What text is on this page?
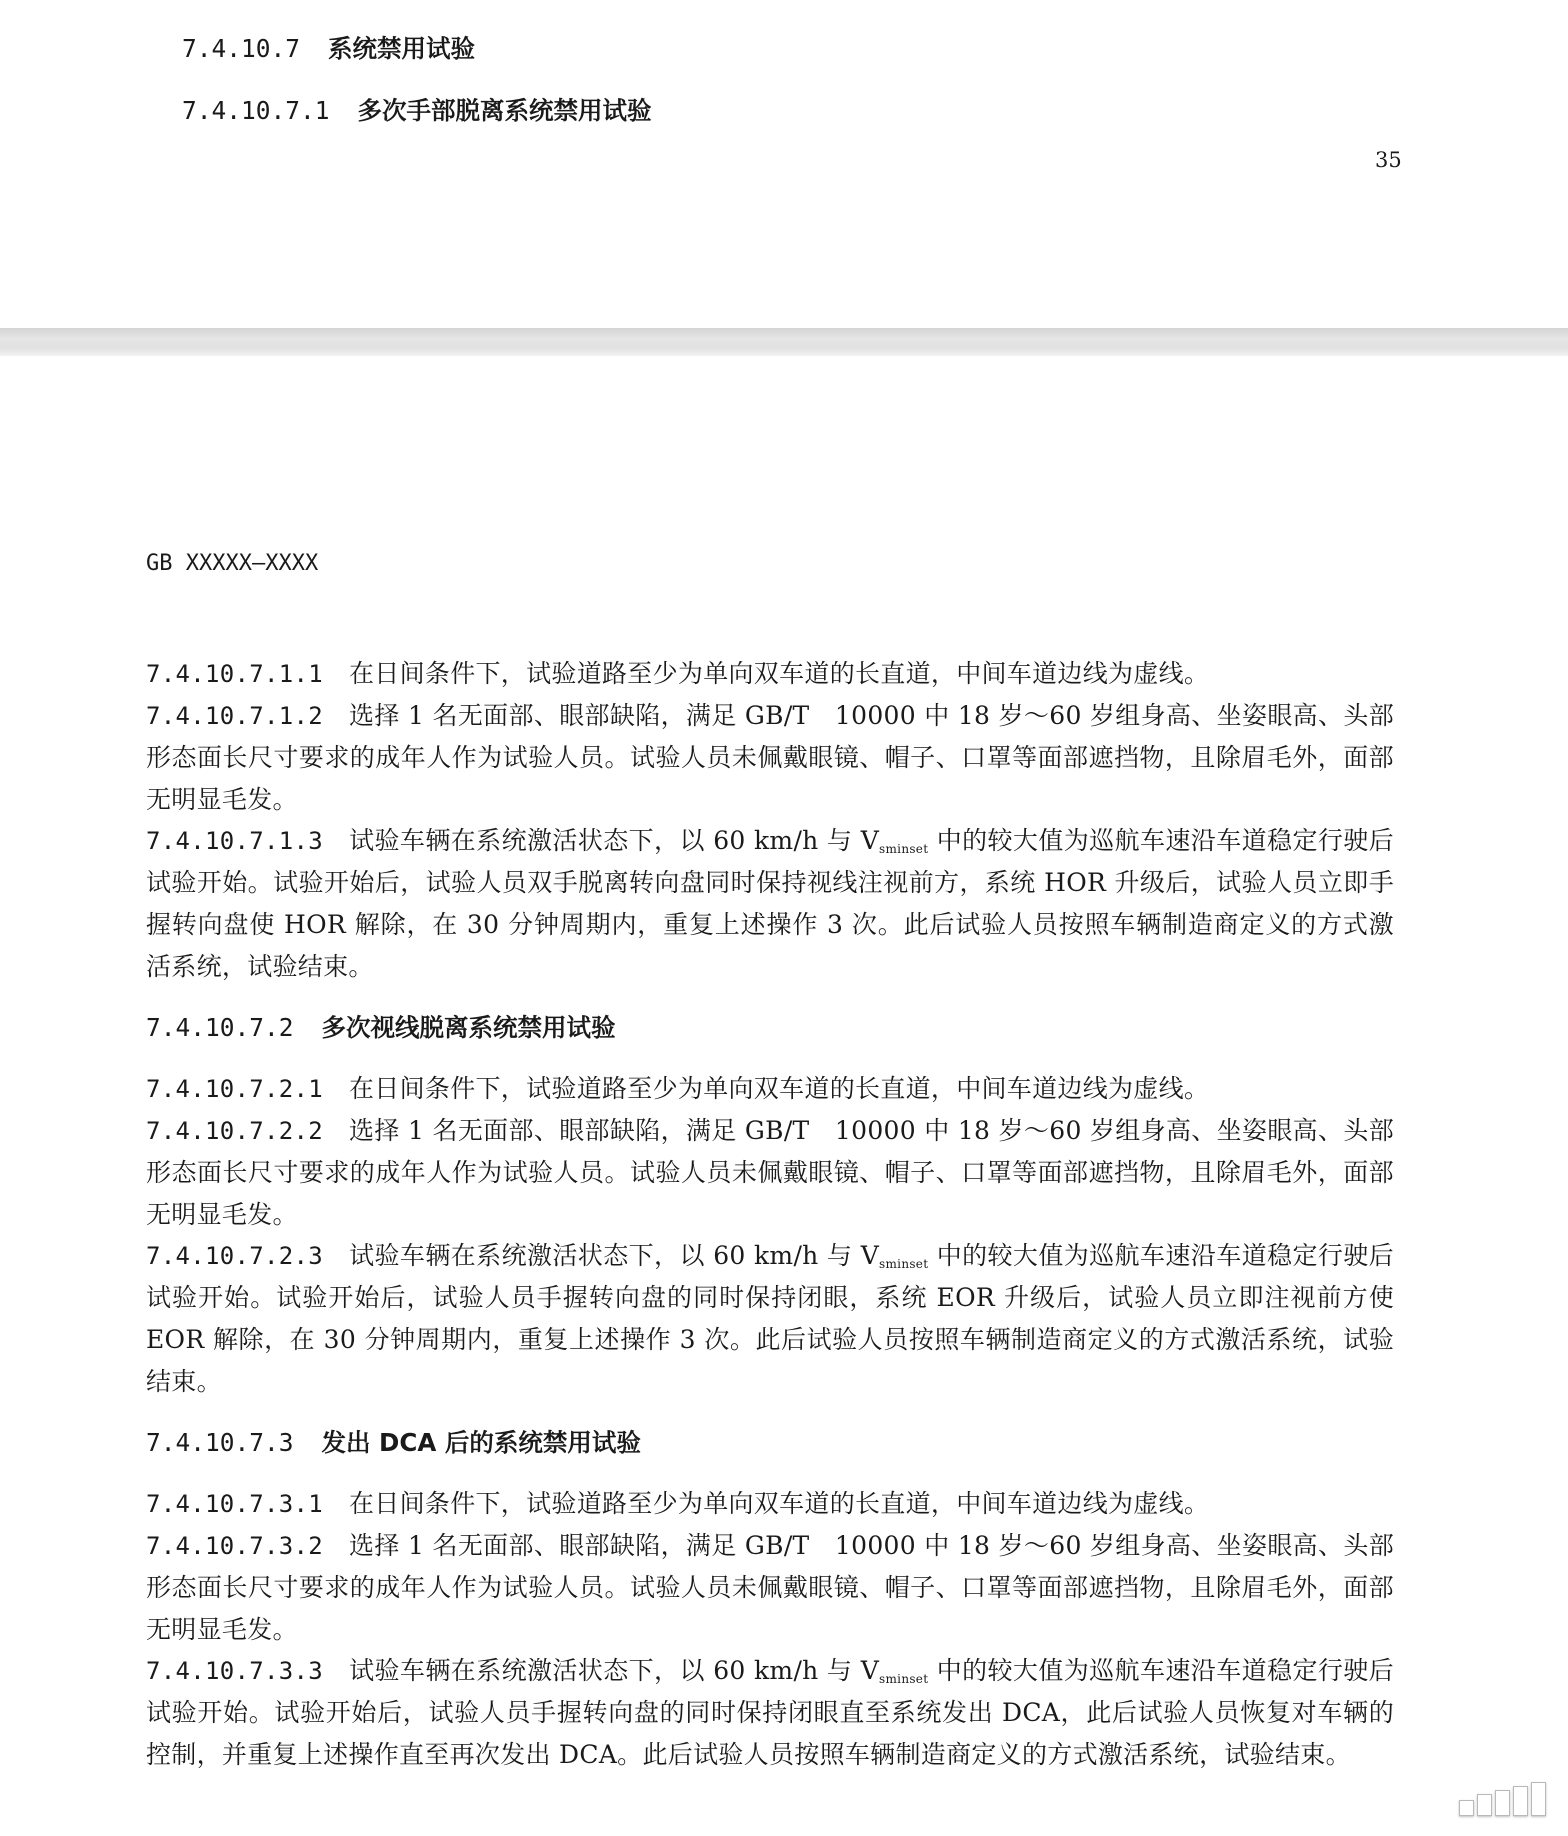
7.4.10.7 系统禁用试验
7.4.10.7.1 多次手部脱离系统禁用试验
35
GB XXXXX—XXXX
7.4.10.7.1.1 在日间条件下，试验道路至少为单向双车道的长直道，中间车道边线为虚线。
7.4.10.7.1.2 选择 1 名无面部、眼部缺陷，满足 GB/T　10000 中 18 岁～60 岁组身高、坐姿眼高、头部形态面长尺寸要求的成年人作为试验人员。试验人员未佩戴眼镜、帽子、口罩等面部遮挡物，且除眉毛外，面部无明显毛发。
7.4.10.7.1.3 试验车辆在系统激活状态下，以 60 km/h 与 $V_{sminset}$ 中的较大值为巡航车速沿车道稳定行驶后试验开始。试验开始后，试验人员双手脱离转向盘同时保持视线注视前方，系统 HOR 升级后，试验人员立即手握转向盘使 HOR 解除，在 30 分钟周期内，重复上述操作 3 次。此后试验人员按照车辆制造商定义的方式激活系统，试验结束。
7.4.10.7.2 多次视线脱离系统禁用试验
7.4.10.7.2.1 在日间条件下，试验道路至少为单向双车道的长直道，中间车道边线为虚线。
7.4.10.7.2.2 选择 1 名无面部、眼部缺陷，满足 GB/T　10000 中 18 岁～60 岁组身高、坐姿眼高、头部形态面长尺寸要求的成年人作为试验人员。试验人员未佩戴眼镜、帽子、口罩等面部遮挡物，且除眉毛外，面部无明显毛发。
7.4.10.7.2.3 试验车辆在系统激活状态下，以 60 km/h 与 $V_{sminset}$ 中的较大值为巡航车速沿车道稳定行驶后试验开始。试验开始后，试验人员手握转向盘的同时保持闭眼，系统 EOR 升级后，试验人员立即注视前方使 EOR 解除，在 30 分钟周期内，重复上述操作 3 次。此后试验人员按照车辆制造商定义的方式激活系统，试验结束。
7.4.10.7.3 发出 DCA 后的系统禁用试验
7.4.10.7.3.1 在日间条件下，试验道路至少为单向双车道的长直道，中间车道边线为虚线。
7.4.10.7.3.2 选择 1 名无面部、眼部缺陷，满足 GB/T　10000 中 18 岁～60 岁组身高、坐姿眼高、头部形态面长尺寸要求的成年人作为试验人员。试验人员未佩戴眼镜、帽子、口罩等面部遮挡物，且除眉毛外，面部无明显毛发。
7.4.10.7.3.3 试验车辆在系统激活状态下，以 60 km/h 与 $V_{sminset}$ 中的较大值为巡航车速沿车道稳定行驶后试验开始。试验开始后，试验人员手握转向盘的同时保持闭眼直至系统发出 DCA，此后试验人员恢复对车辆的控制，并重复上述操作直至再次发出 DCA。此后试验人员按照车辆制造商定义的方式激活系统，试验结束。
